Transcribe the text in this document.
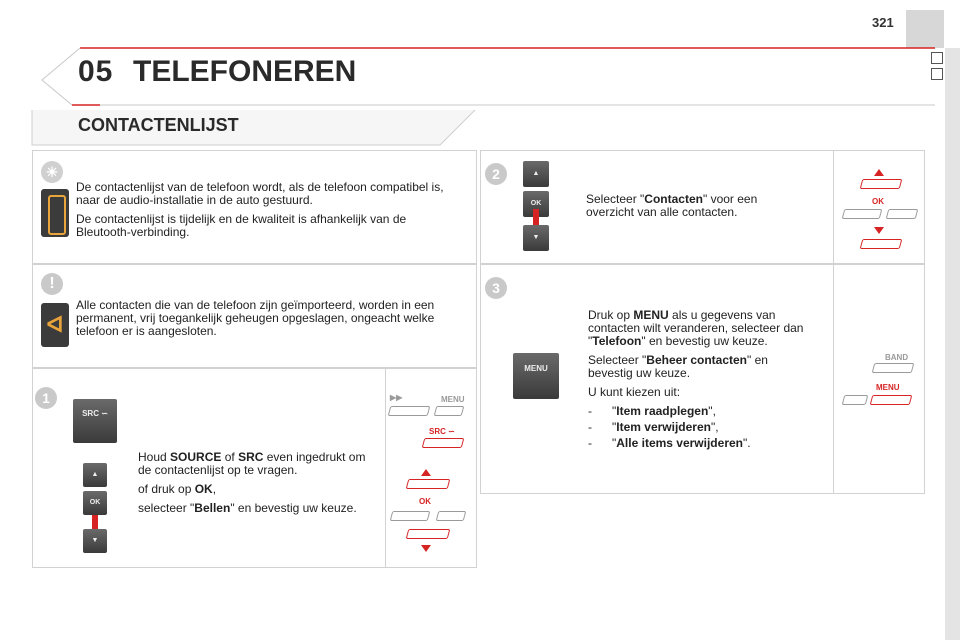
321
05 TELEFONEREN
CONTACTENLIJST
☀

De contactenlijst van de telefoon wordt, als de telefoon compatibel is, naar de audio-installatie in de auto gestuurd.

De contactenlijst is tijdelijk en de kwaliteit is afhankelijk van de Bleutooth-verbinding.

!
ᐊ
Alle contacten die van de telefoon zijn geïmporteerd, worden in een permanent, vrij toegankelijk geheugen opgeslagen, ongeacht welke telefoon er is aangesloten.
1
SRC ∽
▲
OK
▼

Houd SOURCE of SRC even ingedrukt om de contactenlijst op te vragen.

of druk op OK,

selecteer "Bellen" en bevestig uw keuze.

▶▶	MENU
SRC ∽
OK
2	▲
OK
▼
Selecteer "Contacten" voor een overzicht van alle contacten.
OK
3
MENU

Druk op MENU als u gegevens van contacten wilt veranderen, selecteer dan "Telefoon" en bevestig uw keuze.

Selecteer "Beheer contacten" en bevestig uw keuze.

U kunt kiezen uit:

-	"Item raadplegen",
-	"Item verwijderen",
-	"Alle items verwijderen".
BAND
MENU
